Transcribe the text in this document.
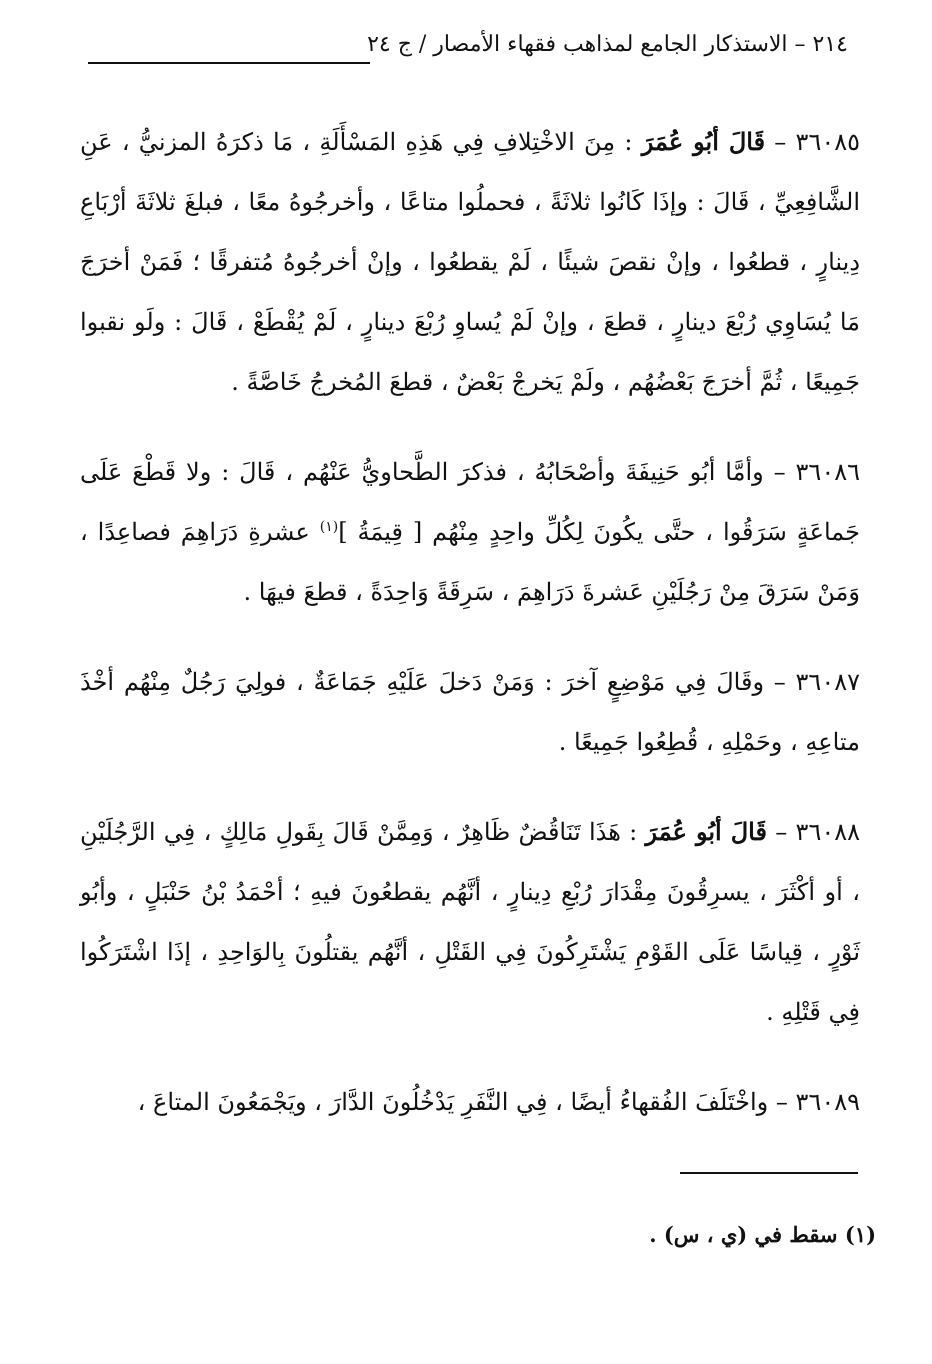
٢١٤ – الاستذكار الجامع لمذاهب فقهاء الأمصار / ج ٢٤

٣٦٠٨٥ – قَالَ أبُو عُمَرَ : مِنَ الاخْتِلافِ فِي هَذِهِ المَسْأَلَةِ ، مَا ذكرَهُ المزنيُّ ، عَنِ الشَّافِعِيِّ ، قَالَ : وإذَا كَانُوا ثلاثَةً ، فحملُوا متاعًا ، وأخرجُوهُ معًا ، فبلغَ ثلاثَةَ أرْبَاعِ دِينارٍ ، قطعُوا ، وإنْ نقصَ شيئًا ، لَمْ يقطعُوا ، وإنْ أخرجُوهُ مُتفرقًا ؛ فَمَنْ أخرَجَ مَا يُسَاوِي رُبْعَ دينارٍ ، قطعَ ، وإنْ لَمْ يُساوِ رُبْعَ دينارٍ ، لَمْ يُقْطَعْ ، قَالَ : ولَو نقبوا جَمِيعًا ، ثُمَّ أخرَجَ بَعْضُهُم ، ولَمْ يَخرجْ بَعْضٌ ، قطعَ المُخرجُ خَاصَّةً .

٣٦٠٨٦ – وأمَّا أبُو حَنِيفَةَ وأصْحَابُهُ ، فذكرَ الطَّحاويُّ عَنْهُم ، قَالَ : ولا قَطْعَ عَلَى جَماعَةٍ سَرَقُوا ، حتَّى يكُونَ لِكُلِّ واحِدٍ مِنْهُم [ قِيمَةُ ]$^{(١)}$ عشرةِ دَرَاهِمَ فصاعِدًا ، وَمَنْ سَرَقَ مِنْ رَجُلَيْنِ عَشرةَ دَرَاهِمَ ، سَرِقَةً وَاحِدَةً ، قطعَ فيهَا .

٣٦٠٨٧ – وقَالَ فِي مَوْضِعٍ آخرَ : وَمَنْ دَخلَ عَلَيْهِ جَمَاعَةٌ ، فولِيَ رَجُلٌ مِنْهُم أخْذَ متاعِهِ ، وحَمْلِهِ ، قُطِعُوا جَمِيعًا .

٣٦٠٨٨ – قَالَ أبُو عُمَرَ : هَذَا تَنَاقُضٌ ظَاهِرٌ ، وَمِمَّنْ قَالَ بِقَولِ مَالِكٍ ، فِي الرَّجُلَيْنِ ، أو أكْثَرَ ، يسرِقُونَ مِقْدَارَ رُبْعِ دِينارٍ ، أنَّهُم يقطعُونَ فيهِ ؛ أحْمَدُ بْنُ حَنْبَلٍ ، وأبُو ثَوْرٍ ، قِياسًا عَلَى القَوْمِ يَشْتَرِكُونَ فِي القَتْلِ ، أنَّهُم يقتلُونَ بِالوَاحِدِ ، إذَا اشْتَرَكُوا فِي قَتْلِهِ .

٣٦٠٨٩ – واخْتَلَفَ الفُقهاءُ أيضًا ، فِي النَّفَرِ يَدْخُلُونَ الدَّارَ ، ويَجْمَعُونَ المتاعَ ،

(١) سقط في (ي ، س) .
